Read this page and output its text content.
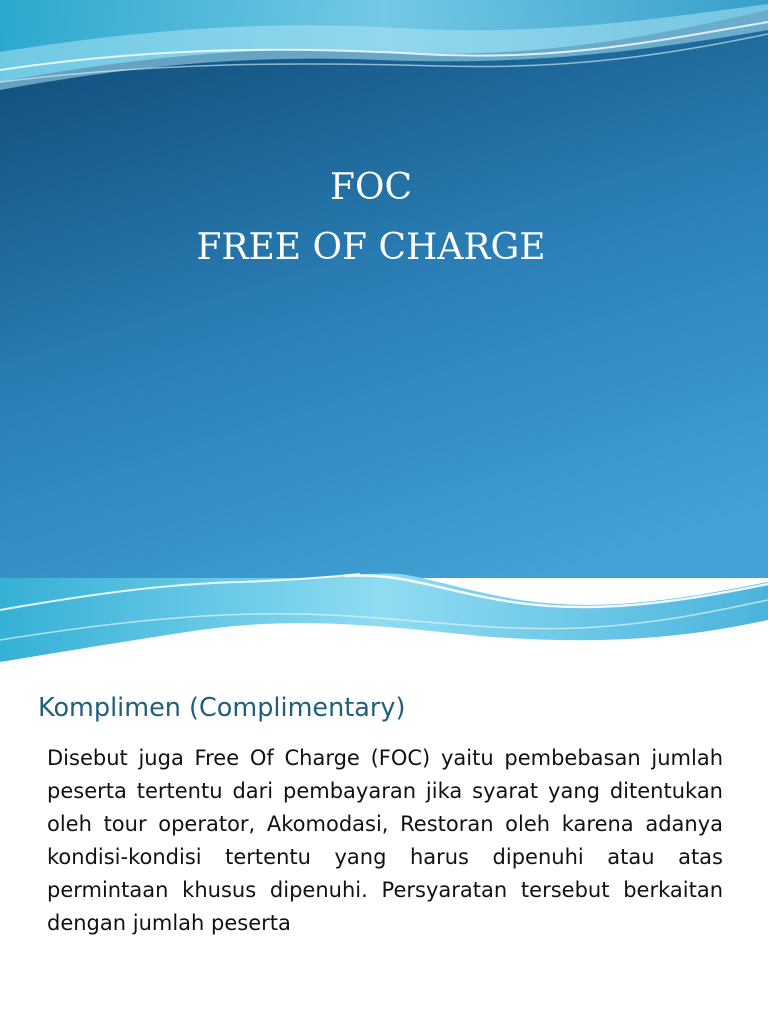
FOC
FREE OF CHARGE
Komplimen (Complimentary)
Disebut juga Free Of Charge (FOC) yaitu pembebasan jumlah peserta tertentu dari pembayaran jika syarat yang ditentukan oleh tour operator, Akomodasi, Restoran oleh karena adanya kondisi-kondisi tertentu yang harus dipenuhi atau atas permintaan khusus dipenuhi. Persyaratan tersebut berkaitan dengan jumlah peserta
